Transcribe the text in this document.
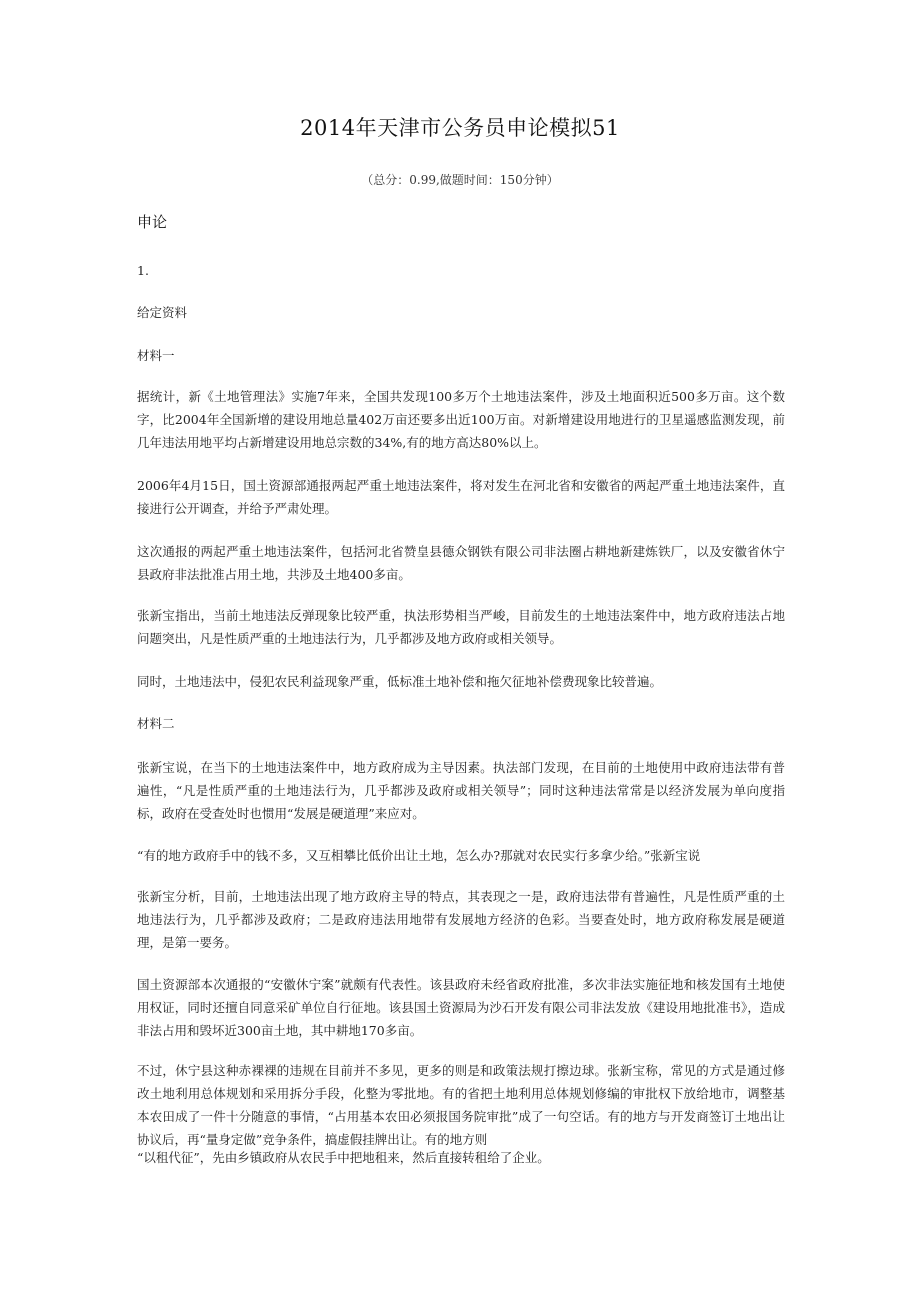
2014年天津市公务员申论模拟51
（总分：0.99,做题时间：150分钟）
申论
1.
给定资料
材料一

据统计，新《土地管理法》实施7年来，全国共发现100多万个土地违法案件，涉及土地面积近500多万亩。这个数字，比2004年全国新增的建设用地总量402万亩还要多出近100万亩。对新增建设用地进行的卫星遥感监测发现，前几年违法用地平均占新增建设用地总宗数的34%,有的地方高达80%以上。

2006年4月15日，国土资源部通报两起严重土地违法案件，将对发生在河北省和安徽省的两起严重土地违法案件，直接进行公开调查，并给予严肃处理。

这次通报的两起严重土地违法案件，包括河北省赞皇县德众钢铁有限公司非法圈占耕地新建炼铁厂，以及安徽省休宁县政府非法批准占用土地，共涉及土地400多亩。

张新宝指出，当前土地违法反弹现象比较严重，执法形势相当严峻，目前发生的土地违法案件中，地方政府违法占地问题突出，凡是性质严重的土地违法行为，几乎都涉及地方政府或相关领导。

同时，土地违法中，侵犯农民利益现象严重，低标准土地补偿和拖欠征地补偿费现象比较普遍。

材料二

张新宝说，在当下的土地违法案件中，地方政府成为主导因素。执法部门发现，在目前的土地使用中政府违法带有普遍性，“凡是性质严重的土地违法行为，几乎都涉及政府或相关领导”；同时这种违法常常是以经济发展为单向度指标，政府在受查处时也惯用“发展是硬道理”来应对。

“有的地方政府手中的钱不多，又互相攀比低价出让土地，怎么办?那就对农民实行多拿少给。”张新宝说

张新宝分析，目前，土地违法出现了地方政府主导的特点，其表现之一是，政府违法带有普遍性，凡是性质严重的土地违法行为，几乎都涉及政府；二是政府违法用地带有发展地方经济的色彩。当要查处时，地方政府称发展是硬道理，是第一要务。

国土资源部本次通报的“安徽休宁案”就颇有代表性。该县政府未经省政府批准，多次非法实施征地和核发国有土地使用权证，同时还擅自同意采矿单位自行征地。该县国土资源局为沙石开发有限公司非法发放《建设用地批准书》，造成非法占用和毁坏近300亩土地，其中耕地170多亩。

不过，休宁县这种赤裸裸的违规在目前并不多见，更多的则是和政策法规打擦边球。张新宝称，常见的方式是通过修改土地利用总体规划和采用拆分手段，化整为零批地。有的省把土地利用总体规划修编的审批权下放给地市，调整基本农田成了一件十分随意的事情，“占用基本农田必须报国务院审批”成了一句空话。有的地方与开发商签订土地出让协议后，再“量身定做”竞争条件，搞虚假挂牌出让。有的地方则

“以租代征”，先由乡镇政府从农民手中把地租来，然后直接转租给了企业。
